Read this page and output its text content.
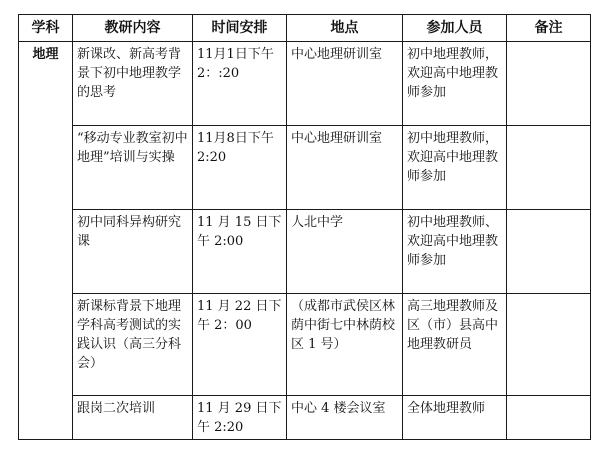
学科	教研内容	时间安排	地点	参加人员	备注
地理	新课改、新高考背景下初中地理教学的思考	11月1日下午 2：:20	中心地理研训室	初中地理教师，欢迎高中地理教师参加	
	“移动专业教室初中地理”培训与实操	11月8日下午 2:20	中心地理研训室	初中地理教师，欢迎高中地理教师参加	
	初中同科异构研究课	11 月 15 日下午 2:00	人北中学	初中地理教师、欢迎高中地理教师参加	
	新课标背景下地理学科高考测试的实践认识（高三分科会）	11 月 22 日下午 2：00	（成都市武侯区林荫中街七中林荫校区 1 号）	高三地理教师及区（市）县高中地理教研员	
	跟岗二次培训	11 月 29 日下午 2:20	中心 4 楼会议室	全体地理教师	
